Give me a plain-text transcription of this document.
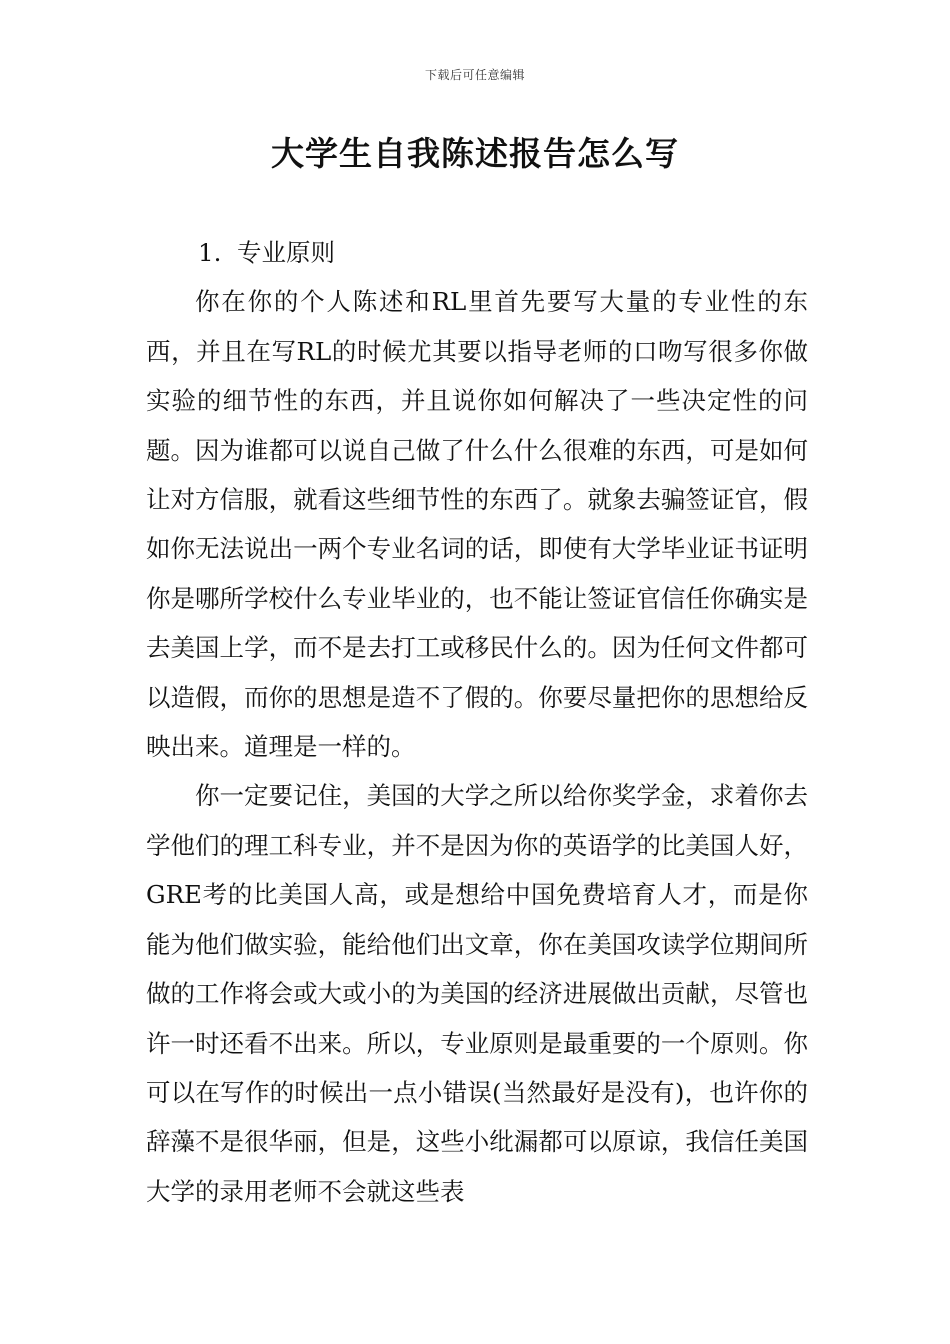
下载后可任意编辑
大学生自我陈述报告怎么写
1. 专业原则

你在你的个人陈述和RL里首先要写大量的专业性的东西，并且在写RL的时候尤其要以指导老师的口吻写很多你做实验的细节性的东西，并且说你如何解决了一些决定性的问题。因为谁都可以说自己做了什么什么很难的东西，可是如何让对方信服，就看这些细节性的东西了。就象去骗签证官，假如你无法说出一两个专业名词的话，即使有大学毕业证书证明你是哪所学校什么专业毕业的，也不能让签证官信任你确实是去美国上学，而不是去打工或移民什么的。因为任何文件都可以造假，而你的思想是造不了假的。你要尽量把你的思想给反映出来。道理是一样的。

你一定要记住，美国的大学之所以给你奖学金，求着你去学他们的理工科专业，并不是因为你的英语学的比美国人好，GRE考的比美国人高，或是想给中国免费培育人才，而是你能为他们做实验，能给他们出文章，你在美国攻读学位期间所做的工作将会或大或小的为美国的经济进展做出贡献，尽管也许一时还看不出来。所以，专业原则是最重要的一个原则。你可以在写作的时候出一点小错误(当然最好是没有)，也许你的辞藻不是很华丽，但是，这些小纰漏都可以原谅，我信任美国大学的录用老师不会就这些表
